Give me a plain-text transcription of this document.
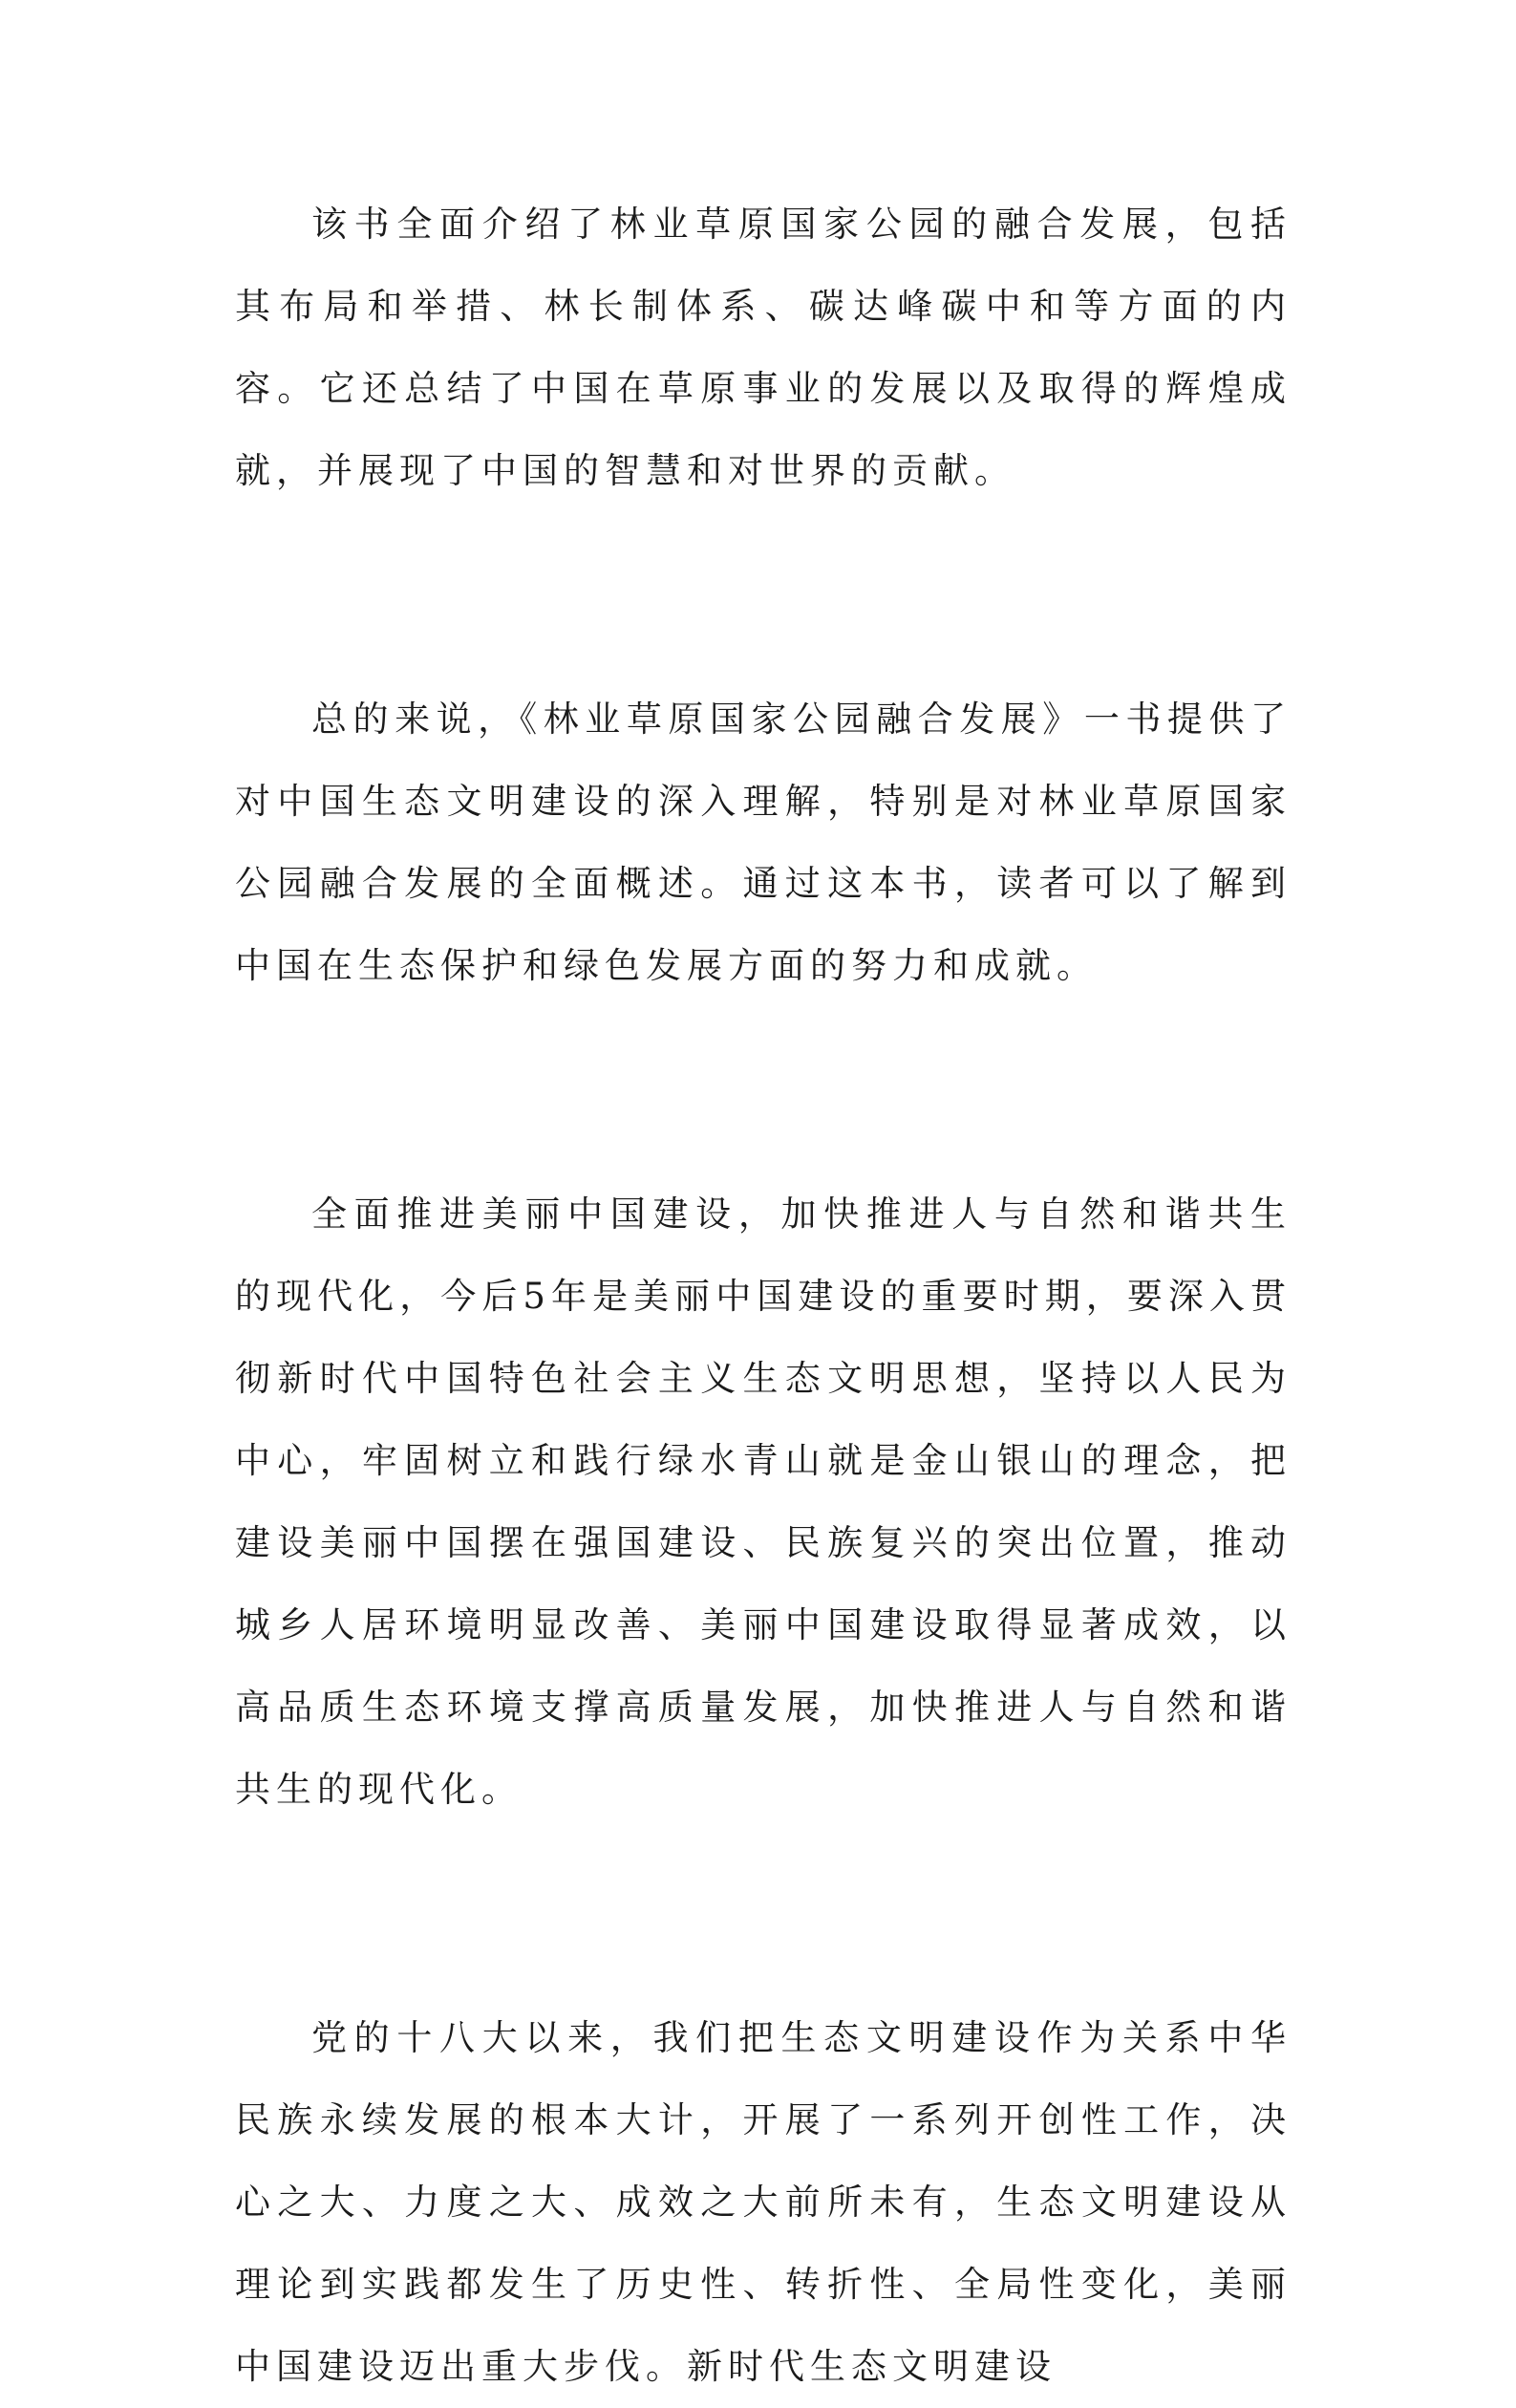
该书全面介绍了林业草原国家公园的融合发展，包括其布局和举措、林长制体系、碳达峰碳中和等方面的内容。它还总结了中国在草原事业的发展以及取得的辉煌成就，并展现了中国的智慧和对世界的贡献。

总的来说，《林业草原国家公园融合发展》一书提供了对中国生态文明建设的深入理解，特别是对林业草原国家公园融合发展的全面概述。通过这本书，读者可以了解到中国在生态保护和绿色发展方面的努力和成就。

全面推进美丽中国建设，加快推进人与自然和谐共生的现代化，今后5年是美丽中国建设的重要时期，要深入贯彻新时代中国特色社会主义生态文明思想，坚持以人民为中心，牢固树立和践行绿水青山就是金山银山的理念，把建设美丽中国摆在强国建设、民族复兴的突出位置，推动城乡人居环境明显改善、美丽中国建设取得显著成效，以高品质生态环境支撑高质量发展，加快推进人与自然和谐共生的现代化。

党的十八大以来，我们把生态文明建设作为关系中华民族永续发展的根本大计，开展了一系列开创性工作，决心之大、力度之大、成效之大前所未有，生态文明建设从理论到实践都发生了历史性、转折性、全局性变化，美丽中国建设迈出重大步伐。新时代生态文明建设
